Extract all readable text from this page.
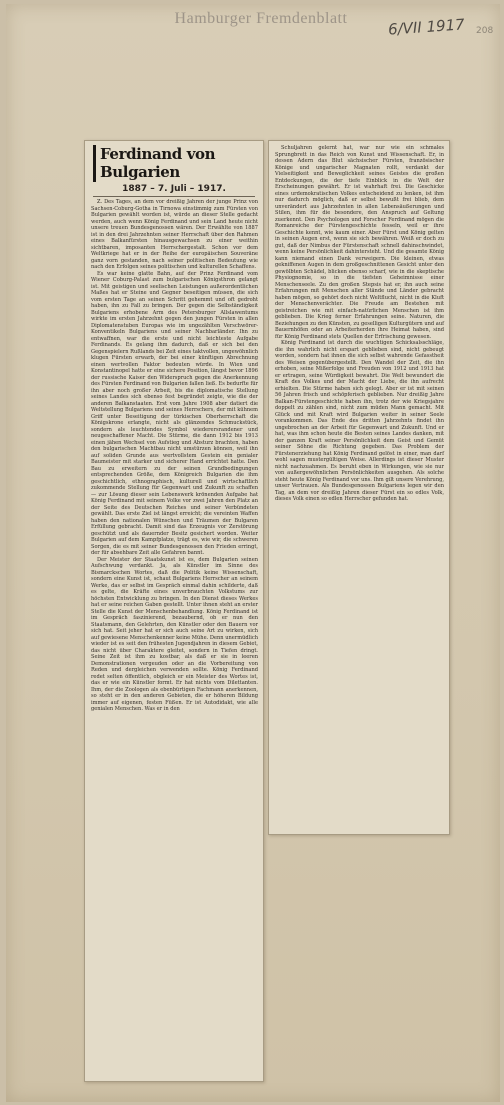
Hamburger Fremdenblatt	6/VII 1917 208
Ferdinand von Bulgarien
1887 – 7. Juli – 1917.

Z. Des Tages, an dem vor dreißig Jahren der junge Prinz von Sachsen-Coburg-Gotha in Tirnowa einstimmig zum Fürsten von Bulgarien gewählt worden ist, würde an dieser Stelle gedacht werden, auch wenn König Ferdinand und sein Land heute nicht unsere treuen Bundesgenossen wären. Der Erwählte von 1887 ist in den drei Jahrzehnten seiner Herrschaft über den Rahmen eines Balkanfürsten hinausgewachsen zu einer weithin sichtbaren, imposanten Herrschergestalt. Schon vor dem Weltkriege hat er in der Reihe der europäischen Souveräne ganz vorn gestanden, nach seiner politischen Bedeutung wie nach den Erfolgen seines politischen und kulturellen Schaffens.

Es war keine glatte Bahn, auf der Prinz Ferdinand vom Wiener Coburg-Palast zum bulgarischen Königsthron gelangt ist. Mit geistigen und seelischen Leistungen außerordentlichen Maßes hat er Steine und Gegner beseitigen müssen, die sich vom ersten Tage an seinen Schritt gehemmt und oft gedroht haben, ihn zu Fall zu bringen. Der gegen die Selbständigkeit Bulgariens erhobene Arm des Petersburger Allslawentums wirkte im ersten Jahrzehnt gegen den jungen Fürsten in allen Diplomatenstuben Europas wie im ungezählten Verschwörer-Konventikeln Bulgariens und seiner Nachbarländer. Ihn zu entwaffnen, war die erste und nicht leichteste Aufgabe Ferdinands. Es gelang ihm dadurch, daß er sich bei den Gegenspielern Rußlands bei Zeit eines taktvollen, ungewöhnlich klugen Fürsten erwarb, der bei einer künftigen Abrechnung einen wertvollen Faktor bedeuten würde. In Wien und Konstantinopel hatte er eine sichere Position, längst bevor 1896 der russische Kaiser den Widerspruch gegen die Anerkennung des Fürsten Ferdinand von Bulgarien fallen ließ. Es bedurfte für ihn aber noch großer Arbeit, bis die diplomatische Stellung seines Landes sich ebenso fest begründet zeigte, wie die der anderen Balkanstaaten. Erst vom Jahre 1908 aber datiert die Weltstellung Bulgariens und seines Herrschers, der mit kühnem Griff unter Beseitigung der türkischen Oberherrschaft die Königskrone erlangte, nicht als glänzendes Schmuckstück, sondern als leuchtendes Symbol wiederersrandener und neugeschaffener Macht. Die Stürme, die dann 1912 bis 1913 einen jähen Wechsel von Aufstieg und Absturz brachten, haben den bulgarischen Machtbau nicht umstürzen können, weil ihn auf soliden Grunde aus wertvollstem Gestein ein genialer Baumeister mit starker und sicherer Hand errichtet hatte. Den Bau zu erweitern zu der seinen Grundbedingungen entsprechenden Größe, dem Königreich Bulgarien die ihm geschichtlich, ethnographisch, kulturell und wirtschaftlich zukommende Stellung für Gegenwart und Zukunft zu schaffen — zur Lösung dieser sein Lebenswerk krönenden Aufgabe hat König Ferdinand mit seinem Volke vor zwei Jahren den Platz an der Seite des Deutschen Reiches und seiner Verbündeten gewählt. Das erste Ziel ist längst erreicht; die vereinten Waffen haben den nationalen Wünschen und Träumen der Bulgaren Erfüllung gebracht. Damit sind das Erzeugnis vor Zerstörung geschützt und als dauernder Besitz gesichert worden. Weiter Bulgarien auf dem Kampfplatze, trägt es, wie wir, die schweren Sorgen, die es mit seiner Bundesgenossen den Frieden erringt, der für absehbare Zeit alle Gefahren bannt.

Der Meister der Staatskunst ist es, dem Bulgarien seinen Aufschwung verdankt. Ja, als Künstler im Sinne des Bismarckschen Wortes, daß die Politik keine Wissenschaft, sondern eine Kunst ist, schaut Bulgariens Herrscher an seinem Werke, das er selbst im Gespräch einmal dahin schilderte, daß es gelte, die Kräfte eines unverbrauchten Volkstums zur höchsten Entwicklung zu bringen. In den Dienst dieses Werkes hat er seine reichen Gaben gestellt. Unter ihnen steht an erster Stelle die Kunst der Menschenbehandlung. König Ferdinand ist im Gespräch faszinierend, bezaubernd, ob er nun den Staatsmann, den Gelehrten, den Künstler oder den Bauern vor sich hat. Seit jeher hat er sich auch seine Art zu wirken, sich auf gewiesene Menschenkenner keine Mühe. Denn unermüdlich wieder ist es seit den frühesten Jugendjahren in diesem Gebiet, das nicht über Charaktere gleitet, sondern in Tiefen dringt. Seine Zeit ist ihm zu kostbar, als daß er sie in leeren Demonstrationen vergeuden oder an die Vorbereitung von Reden und dergleichen verwenden sollte. König Ferdinand redet selten öffentlich, obgleich er ein Meister des Wortes ist, das er wie ein Künstler formt. Er hat nichts vom Dilettanten. Ihm, der die Zoologen als ebenbürtigen Fachmann anerkennen, so steht er in den anderen Gebieten, die er höheren Bildung immer auf eigenen, festen Füßen. Er ist Autodidakt, wie alle genialen Menschen. Was er in den

Schuljahren gelernt hat, war nur wie ein schmales Sprungbrett in das Reich von Kunst und Wissenschaft. Er, in dessen Adern das Blut sächsischer Fürsten, französischer Könige und ungarischer Magnaten rollt, verdankt der Vielseitigkeit und Beweglichkeit seines Geistes die großen Entdeckungen, die der tiefe Einblick in die Welt der Erscheinungen gewährt. Er ist wahrhaft frei. Die Geschicke eines urdemokratischen Volkes entscheidend zu lenken, ist ihm nur dadurch möglich, daß er selbst bewußt frei blieb, dem unverändert aus Jahrzehnten in allen Lebensäußerungen und Stilen, ihm für die besondere, den Anspruch auf Geltung zuerkennt. Den Psychologen und Forscher Ferdinand mögen die Romanreiche der Fürstengeschichte fesseln, weil er ihre Geschichte kennt, wie kaum einer. Aber Fürst und König gelten in seinen Augen erst, wenn sie sich bewähren. Weiß er doch zu gut, daß der Nimbus der Fürstenschaft schnell dahinschwindet, wenn keine Persönlichkeit dahintersteht. Und die gesamte König kann niemand einen Dank verweigern. Die kleinen, etwas gekniffenen Augen in dem großgeschnittenen Gesicht unter den gewölbten Schädel, blicken ebenso scharf, wie in die skeptische Physiognomie, so in die tiefsten Geheimnisse einer Menschenseele. Zu den großen Stepsis hat er, ihn auch seine Erfahrungen mit Menschen aller Stände und Länder gebracht haben mögen, so gehört doch nicht Weltflucht, nicht in die Kluft der Menschenverächter. Die Freude am Bestehen mit geistreichen wie mit einfach-natürlichen Menschen ist ihm geblieben. Die Krieg ferner Erfahrungen seine. Naturen, die Beziehungen zu den Künsten, zu geselligen Kulturgütern und auf Bauernhöfen oder an Arbeiterherden ihre Heimat haben, sind für König Ferdinand stets Quellen der Erfrischung gewesen.

König Ferdinand ist durch die wuchtigen Schicksalsschläge, die ihn wahrlich nicht erspart geblieben sind, nicht gebeugt worden, sondern hat ihnen die sich selbst wahrende Gefasstheit des Weisen gegenübergestellt. Den Wandel der Zeit, die ihn erhoben, seine Mißerfolge und Freuden von 1912 und 1913 hat er ertragen, seine Würdigkeit bewahrt. Die Welt bewundert die Kraft des Volkes und der Macht der Liebe, die ihn aufrecht erhielten. Die Stürme haben sich gelegt. Aber er ist mit seinen 56 Jahren frisch und schöpferisch geblieben. Nur dreißig Jahre Balkan-Fürstengeschichte haben ihn, trotz der wie Kriegsjahre doppelt zu zählen sind, nicht zum müden Mann gemacht. Mit Glück und mit Kraft wird Bulgarien weiter in seiner Seele vorankommen. Das Ende des dritten Jahrzehnts findet ihn ungebrochen an der Arbeit für Gegenwart und Zukunft. Und er hat, was ihm schon heute die Besten seines Landes danken, mit der ganzen Kraft seiner Persönlichkeit dem Geist und Gemüt seiner Söhne die Richtung gegeben. Das Problem der Fürstenerziehung hat König Ferdinand gelöst in einer, man darf wohl sagen mustergültigen Weise. Allerdings ist dieser Muster nicht nachzuahmen. Es beruht eben in Wirkungen, wie sie nur von außergewöhnlichen Persönlichkeiten ausgehen. Als solche steht heute König Ferdinand vor uns. Ihm gilt unsere Verehrung, unser Vertrauen. Als Bundesgenossen Bulgariens legen wir den Tag, an dem vor dreißig Jahren dieser Fürst ein so edles Volk, dieses Volk einen so edlen Herrscher gefunden hat.
